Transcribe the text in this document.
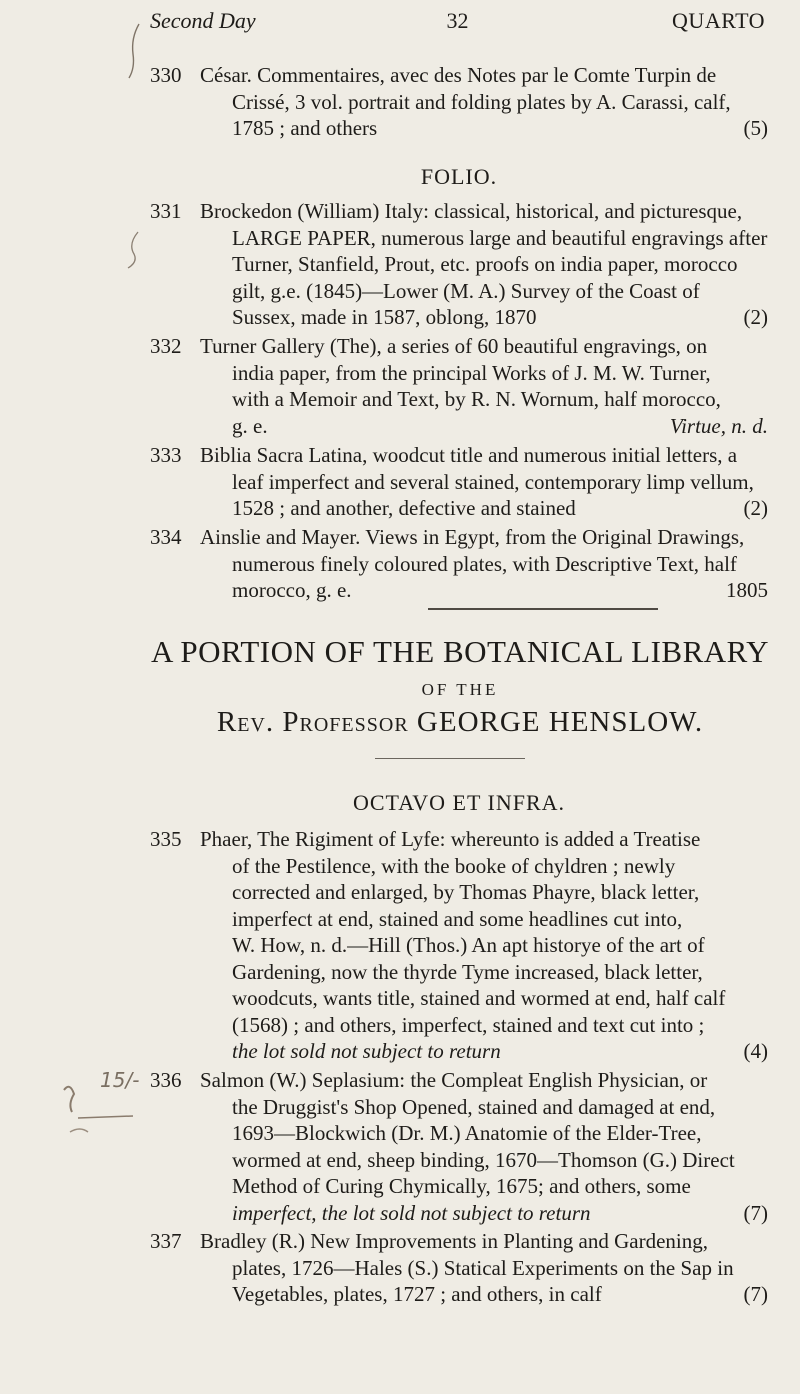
Second Day	32	QUARTO
330 César. Commentaires, avec des Notes par le Comte Turpin de
Crissé, 3 vol. portrait and folding plates by A. Carassi, calf,
1785 ; and others	(5)
FOLIO.
331 Brockedon (William) Italy: classical, historical, and picturesque,
LARGE PAPER, numerous large and beautiful engravings after
Turner, Stanfield, Prout, etc. proofs on india paper, morocco
gilt, g.e. (1845)—Lower (M. A.) Survey of the Coast of
Sussex, made in 1587, oblong, 1870	(2)
332 Turner Gallery (The), a series of 60 beautiful engravings, on
india paper, from the principal Works of J. M. W. Turner,
with a Memoir and Text, by R. N. Wornum, half morocco,
g. e.	Virtue, n. d.
333 Biblia Sacra Latina, woodcut title and numerous initial letters, a
leaf imperfect and several stained, contemporary limp vellum,
1528 ; and another, defective and stained	(2)
334 Ainslie and Mayer. Views in Egypt, from the Original Drawings,
numerous finely coloured plates, with Descriptive Text, half
morocco, g. e.	1805
A PORTION OF THE BOTANICAL LIBRARY
OF THE
Rev. Professor GEORGE HENSLOW.
OCTAVO ET INFRA.
335 Phaer, The Rigiment of Lyfe: whereunto is added a Treatise
of the Pestilence, with the booke of chyldren ; newly
corrected and enlarged, by Thomas Phayre, black letter,
imperfect at end, stained and some headlines cut into,
W. How, n. d.—Hill (Thos.) An apt historye of the art of
Gardening, now the thyrde Tyme increased, black letter,
woodcuts, wants title, stained and wormed at end, half calf
(1568) ; and others, imperfect, stained and text cut into ;
the lot sold not subject to return	(4)
336 Salmon (W.) Seplasium: the Compleat English Physician, or
the Druggist's Shop Opened, stained and damaged at end,
1693—Blockwich (Dr. M.) Anatomie of the Elder-Tree,
wormed at end, sheep binding, 1670—Thomson (G.) Direct
Method of Curing Chymically, 1675; and others, some
imperfect, the lot sold not subject to return	(7)
337 Bradley (R.) New Improvements in Planting and Gardening,
plates, 1726—Hales (S.) Statical Experiments on the Sap in
Vegetables, plates, 1727 ; and others, in calf	(7)
15/-
